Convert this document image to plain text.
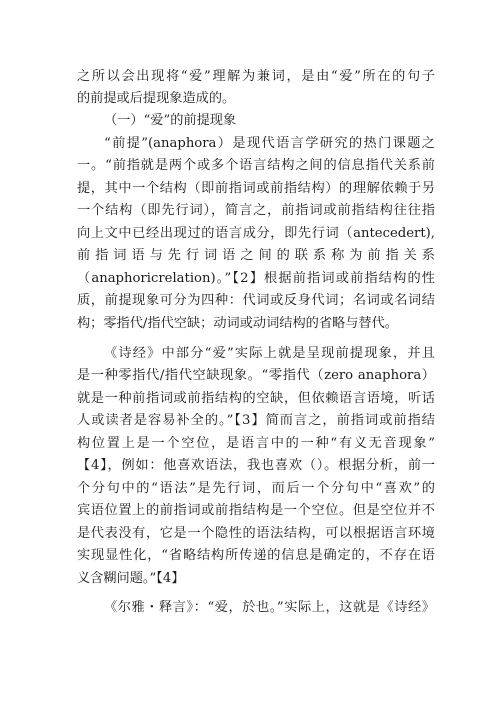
之所以会出现将“爱”理解为兼词，是由“爱”所在的句子
的前提或后提现象造成的。
（一）“爱”的前提现象
“前提”(anaphora）是现代语言学研究的热门课题之
一。“前指就是两个或多个语言结构之间的信息指代关系前
提，其中一个结构（即前指词或前指结构）的理解依赖于另
一个结构（即先行词），简言之，前指词或前指结构往往指
向上文中已经出现过的语言成分，即先行词（antecedert),
前指词语与先行词语之间的联系称为前指关系
（anaphoricrelation)。”【2】根据前指词或前指结构的性
质，前提现象可分为四种：代词或反身代词；名词或名词结
构；零指代/指代空缺；动词或动词结构的省略与替代。
《诗经》中部分“爱”实际上就是呈现前提现象，并且
是一种零指代/指代空缺现象。“零指代（zero anaphora）
就是一种前指词或前指结构的空缺，但依赖语言语境，听话
人或读者是容易补全的。”【3】简而言之，前指词或前指结
构位置上是一个空位，是语言中的一种“有义无音现象”
【4】，例如：他喜欢语法，我也喜欢（）。根据分析，前一
个分句中的“语法”是先行词，而后一个分句中“喜欢”的
宾语位置上的前指词或前指结构是一个空位。但是空位并不
是代表没有，它是一个隐性的语法结构，可以根据语言环境
实现显性化，“省略结构所传递的信息是确定的，不存在语
义含糊问题。”【4】
《尔雅・释言》：“爱，於也。”实际上，这就是《诗经》
